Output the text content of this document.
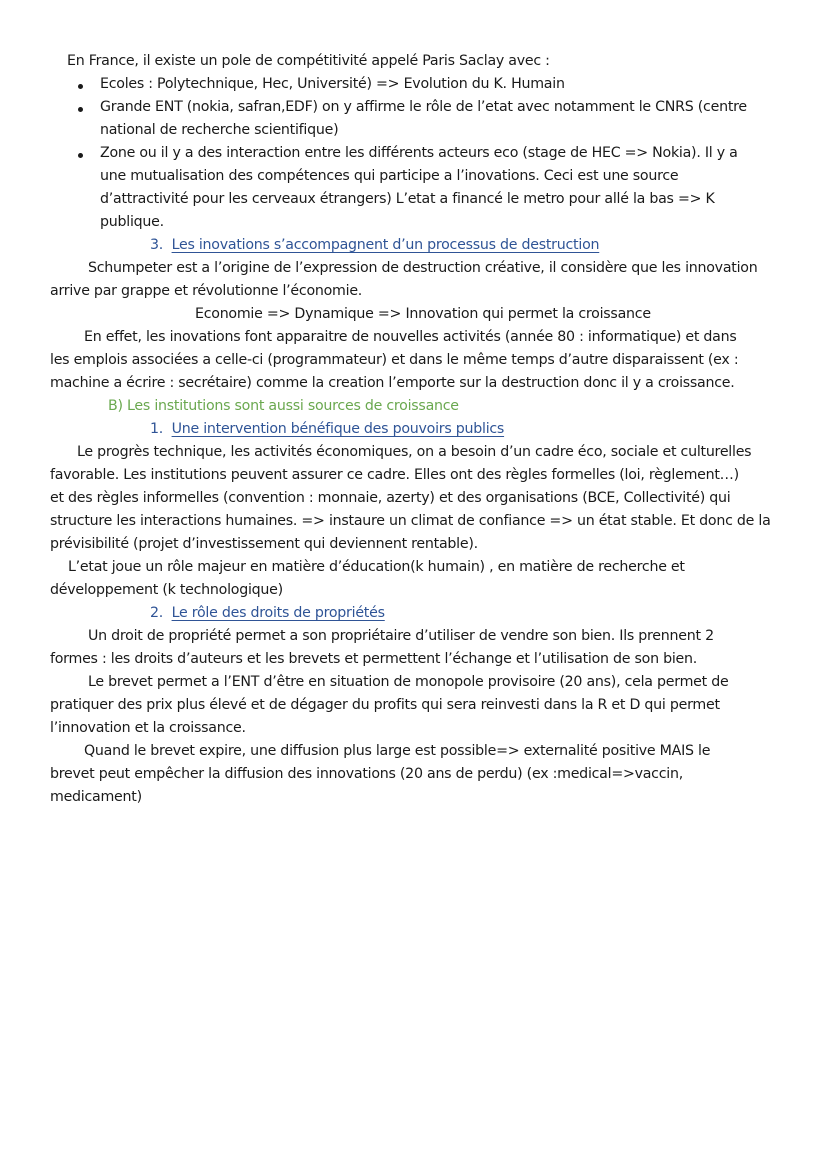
En France, il existe un pole de compétitivité appelé Paris Saclay avec :
Ecoles : Polytechnique, Hec, Université) => Evolution du K. Humain
Grande ENT (nokia, safran,EDF) on y affirme le rôle de l’etat avec notamment le CNRS (centre
national de recherche scientifique)
Zone ou il y a des interaction entre les différents acteurs eco (stage de HEC => Nokia). Il y a
une mutualisation des compétences qui participe a l’inovations. Ceci est une source
d’attractivité pour les cerveaux étrangers) L’etat a financé le metro pour allé la bas => K
publique.
3. Les inovations s’accompagnent d’un processus de destruction
Schumpeter est a l’origine de l’expression de destruction créative, il considère que les innovation
arrive par grappe et révolutionne l’économie.
Economie => Dynamique => Innovation qui permet la croissance
En effet, les inovations font apparaitre de nouvelles activités (année 80 : informatique) et dans
les emplois associées a celle-ci (programmateur) et dans le même temps d’autre disparaissent (ex :
machine a écrire : secrétaire) comme la creation l’emporte sur la destruction donc il y a croissance.
B) Les institutions sont aussi sources de croissance
1. Une intervention bénéfique des pouvoirs publics
Le progrès technique, les activités économiques, on a besoin d’un cadre éco, sociale et culturelles
favorable. Les institutions peuvent assurer ce cadre. Elles ont des règles formelles (loi, règlement…)
et des règles informelles (convention : monnaie, azerty) et des organisations (BCE, Collectivité) qui
structure les interactions humaines. => instaure un climat de confiance => un état stable. Et donc de la
prévisibilité (projet d’investissement qui deviennent rentable).
L’etat joue un rôle majeur en matière d’éducation(k humain) , en matière de recherche et
développement (k technologique)
2. Le rôle des droits de propriétés
Un droit de propriété permet a son propriétaire d’utiliser de vendre son bien. Ils prennent 2
formes : les droits d’auteurs et les brevets et permettent l’échange et l’utilisation de son bien.
Le brevet permet a l’ENT d’être en situation de monopole provisoire (20 ans), cela permet de
pratiquer des prix plus élevé et de dégager du profits qui sera reinvesti dans la R et D qui permet
l’innovation et la croissance.
Quand le brevet expire, une diffusion plus large est possible=> externalité positive MAIS le
brevet peut empêcher la diffusion des innovations (20 ans de perdu) (ex :medical=>vaccin,
medicament)
